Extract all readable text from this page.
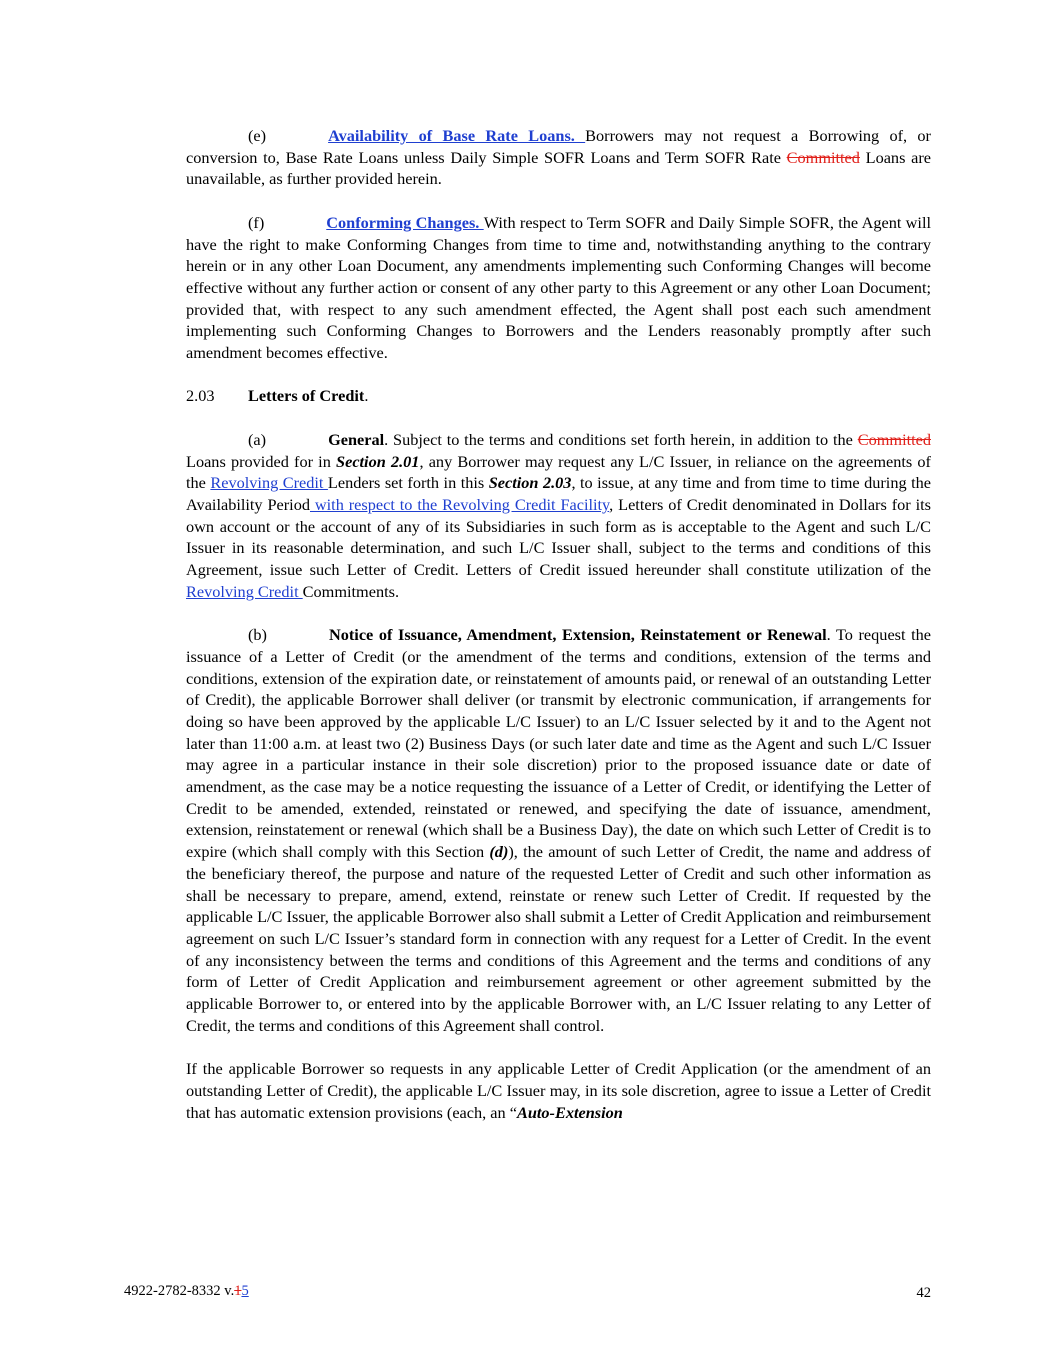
(e)	Availability of Base Rate Loans. Borrowers may not request a Borrowing of, or conversion to, Base Rate Loans unless Daily Simple SOFR Loans and Term SOFR Rate Committed Loans are unavailable, as further provided herein.

(f)	Conforming Changes. With respect to Term SOFR and Daily Simple SOFR, the Agent will have the right to make Conforming Changes from time to time and, notwithstanding anything to the contrary herein or in any other Loan Document, any amendments implementing such Conforming Changes will become effective without any further action or consent of any other party to this Agreement or any other Loan Document; provided that, with respect to any such amendment effected, the Agent shall post each such amendment implementing such Conforming Changes to Borrowers and the Lenders reasonably promptly after such amendment becomes effective.

2.03 Letters of Credit.

(a)	General. Subject to the terms and conditions set forth herein, in addition to the Committed Loans provided for in Section 2.01, any Borrower may request any L/C Issuer, in reliance on the agreements of the Revolving Credit Lenders set forth in this Section 2.03, to issue, at any time and from time to time during the Availability Period with respect to the Revolving Credit Facility, Letters of Credit denominated in Dollars for its own account or the account of any of its Subsidiaries in such form as is acceptable to the Agent and such L/C Issuer in its reasonable determination, and such L/C Issuer shall, subject to the terms and conditions of this Agreement, issue such Letter of Credit. Letters of Credit issued hereunder shall constitute utilization of the Revolving Credit Commitments.

(b)	Notice of Issuance, Amendment, Extension, Reinstatement or Renewal. To request the issuance of a Letter of Credit (or the amendment of the terms and conditions, extension of the terms and conditions, extension of the expiration date, or reinstatement of amounts paid, or renewal of an outstanding Letter of Credit), the applicable Borrower shall deliver (or transmit by electronic communication, if arrangements for doing so have been approved by the applicable L/C Issuer) to an L/C Issuer selected by it and to the Agent not later than 11:00 a.m. at least two (2) Business Days (or such later date and time as the Agent and such L/C Issuer may agree in a particular instance in their sole discretion) prior to the proposed issuance date or date of amendment, as the case may be a notice requesting the issuance of a Letter of Credit, or identifying the Letter of Credit to be amended, extended, reinstated or renewed, and specifying the date of issuance, amendment, extension, reinstatement or renewal (which shall be a Business Day), the date on which such Letter of Credit is to expire (which shall comply with this Section (d)), the amount of such Letter of Credit, the name and address of the beneficiary thereof, the purpose and nature of the requested Letter of Credit and such other information as shall be necessary to prepare, amend, extend, reinstate or renew such Letter of Credit. If requested by the applicable L/C Issuer, the applicable Borrower also shall submit a Letter of Credit Application and reimbursement agreement on such L/C Issuer’s standard form in connection with any request for a Letter of Credit. In the event of any inconsistency between the terms and conditions of this Agreement and the terms and conditions of any form of Letter of Credit Application and reimbursement agreement or other agreement submitted by the applicable Borrower to, or entered into by the applicable Borrower with, an L/C Issuer relating to any Letter of Credit, the terms and conditions of this Agreement shall control.

If the applicable Borrower so requests in any applicable Letter of Credit Application (or the amendment of an outstanding Letter of Credit), the applicable L/C Issuer may, in its sole discretion, agree to issue a Letter of Credit that has automatic extension provisions (each, an “Auto-Extension

4922-2782-8332 v.15	42
